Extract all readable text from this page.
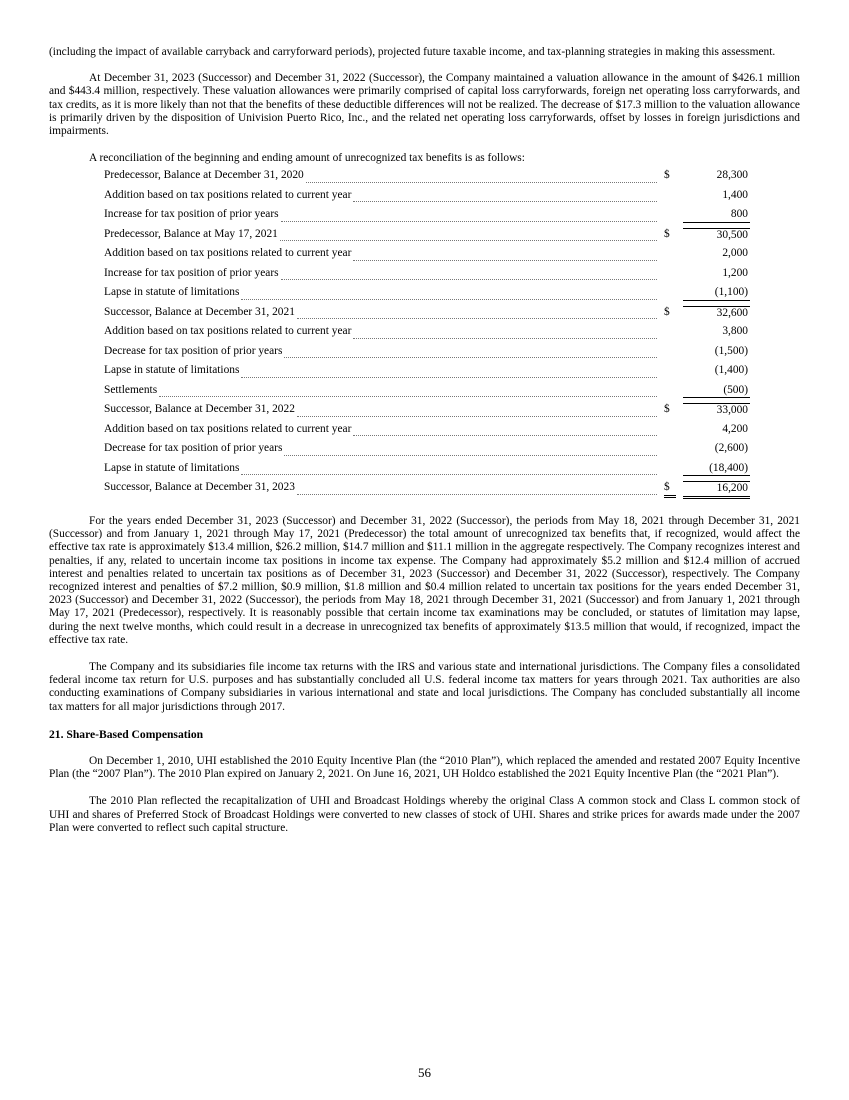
(including the impact of available carryback and carryforward periods), projected future taxable income, and tax-planning strategies in making this assessment.

At December 31, 2023 (Successor) and December 31, 2022 (Successor), the Company maintained a valuation allowance in the amount of $426.1 million and $443.4 million, respectively. These valuation allowances were primarily comprised of capital loss carryforwards, foreign net operating loss carryforwards, and tax credits, as it is more likely than not that the benefits of these deductible differences will not be realized. The decrease of $17.3 million to the valuation allowance is primarily driven by the disposition of Univision Puerto Rico, Inc., and the related net operating loss carryforwards, offset by losses in foreign jurisdictions and impairments.

A reconciliation of the beginning and ending amount of unrecognized tax benefits is as follows:

Predecessor, Balance at December 31, 2020	$	28,300
Addition based on tax positions related to current year	1,400
Increase for tax position of prior years	800
Predecessor, Balance at May 17, 2021	$	30,500
Addition based on tax positions related to current year	2,000
Increase for tax position of prior years	1,200
Lapse in statute of limitations	(1,100)
Successor, Balance at December 31, 2021	$	32,600
Addition based on tax positions related to current year	3,800
Decrease for tax position of prior years	(1,500)
Lapse in statute of limitations	(1,400)
Settlements	(500)
Successor, Balance at December 31, 2022	$	33,000
Addition based on tax positions related to current year	4,200
Decrease for tax position of prior years	(2,600)
Lapse in statute of limitations	(18,400)
Successor, Balance at December 31, 2023	$	16,200

For the years ended December 31, 2023 (Successor) and December 31, 2022 (Successor), the periods from May 18, 2021 through December 31, 2021 (Successor) and from January 1, 2021 through May 17, 2021 (Predecessor) the total amount of unrecognized tax benefits that, if recognized, would affect the effective tax rate is approximately $13.4 million, $26.2 million, $14.7 million and $11.1 million in the aggregate respectively. The Company recognizes interest and penalties, if any, related to uncertain income tax positions in income tax expense. The Company had approximately $5.2 million and $12.4 million of accrued interest and penalties related to uncertain tax positions as of December 31, 2023 (Successor) and December 31, 2022 (Successor), respectively. The Company recognized interest and penalties of $7.2 million, $0.9 million, $1.8 million and $0.4 million related to uncertain tax positions for the years ended December 31, 2023 (Successor) and December 31, 2022 (Successor), the periods from May 18, 2021 through December 31, 2021 (Successor) and from January 1, 2021 through May 17, 2021 (Predecessor), respectively. It is reasonably possible that certain income tax examinations may be concluded, or statutes of limitation may lapse, during the next twelve months, which could result in a decrease in unrecognized tax benefits of approximately $13.5 million that would, if recognized, impact the effective tax rate.

The Company and its subsidiaries file income tax returns with the IRS and various state and international jurisdictions. The Company files a consolidated federal income tax return for U.S. purposes and has substantially concluded all U.S. federal income tax matters for years through 2021. Tax authorities are also conducting examinations of Company subsidiaries in various international and state and local jurisdictions. The Company has concluded substantially all income tax matters for all major jurisdictions through 2017.

21. Share-Based Compensation

On December 1, 2010, UHI established the 2010 Equity Incentive Plan (the “2010 Plan”), which replaced the amended and restated 2007 Equity Incentive Plan (the “2007 Plan”). The 2010 Plan expired on January 2, 2021. On June 16, 2021, UH Holdco established the 2021 Equity Incentive Plan (the “2021 Plan”).

The 2010 Plan reflected the recapitalization of UHI and Broadcast Holdings whereby the original Class A common stock and Class L common stock of UHI and shares of Preferred Stock of Broadcast Holdings were converted to new classes of stock of UHI. Shares and strike prices for awards made under the 2007 Plan were converted to reflect such capital structure.

56
